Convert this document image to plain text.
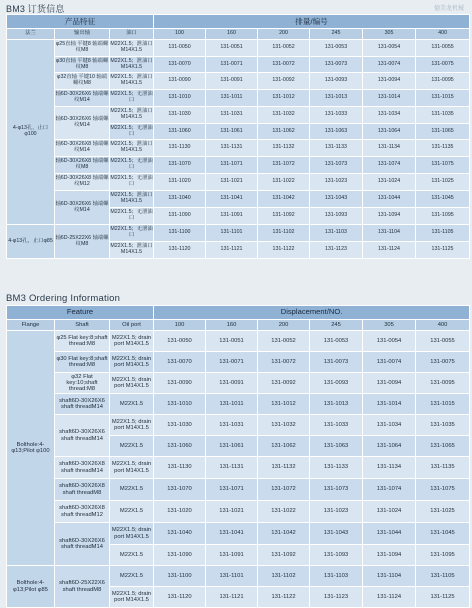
BM3 订货信息	德美龙机械
产品特征			排量/编号					
法兰	输出轴	油口	100	160	200	245	305	400
4-φ13孔，止口φ100	φ25直轴 平键8 轴端螺纹M8	M22X1.5；泄油口M14X1.5	131-0050	131-0051	131-0052	131-0053	131-0054	131-0055
	φ30直轴 平键8 轴端螺纹M8	M22X1.5；泄油口M14X1.5	131-0070	131-0071	131-0072	131-0073	131-0074	131-0075
	φ32直轴 平键10 轴端螺纹M8	M22X1.5；泄油口M14X1.5	131-0090	131-0091	131-0092	131-0093	131-0094	131-0095
	轴6D-30X26X6 轴端螺纹M14	M22X1.5；无泄油口	131-1010	131-1011	131-1012	131-1013	131-1014	131-1015
	轴6D-30X26X6 轴端螺纹M14	M22X1.5；泄油口M14X1.5	131-1030	131-1031	131-1032	131-1033	131-1034	131-1035
		M22X1.5；无泄油口	131-1060	131-1061	131-1062	131-1063	131-1064	131-1065
	轴6D-30X26X8 轴端螺纹M14	M22X1.5；泄油口M14X1.5	131-1130	131-1131	131-1132	131-1133	131-1134	131-1135
	轴6D-30X26X8 轴端螺纹M8	M22X1.5；无泄油口	131-1070	131-1071	131-1072	131-1073	131-1074	131-1075
	轴6D-30X26X8 轴端螺纹M12	M22X1.5；无泄油口	131-1020	131-1021	131-1022	131-1023	131-1024	131-1025
	轴6D-30X26X6 轴端螺纹M14	M22X1.5；泄油口M14X1.5	131-1040	131-1041	131-1042	131-1043	131-1044	131-1045
		M22X1.5；无泄油口	131-1090	131-1091	131-1092	131-1093	131-1094	131-1095
4-φ13孔，止口φ85	轴6D-25X22X6 轴端螺纹M8	M22X1.5；无泄油口	131-1100	131-1101	131-1102	131-1103	131-1104	131-1105
		M22X1.5；泄油口M14X1.5	131-1120	131-1121	131-1122	131-1123	131-1124	131-1125
BM3 Ordering Information
Feature			Displacement/NO.					
Flange	Shaft	Oil port	100	160	200	245	305	400
Bolthole:4-φ13;Pilot φ100	φ25 Flat key:8;shaft thread:M8	M22X1.5; drain port M14X1.5	131-0050	131-0051	131-0052	131-0053	131-0054	131-0055
	φ30 Flat key:8;shaft thread:M8	M22X1.5; drain port M14X1.5	131-0070	131-0071	131-0072	131-0073	131-0074	131-0075
	φ32 Flat key:10;shaft thread:M8	M22X1.5; drain port M14X1.5	131-0090	131-0091	131-0092	131-0093	131-0094	131-0095
	shaft6D-30X26X6 shaft threadM14	M22X1.5	131-1010	131-1011	131-1012	131-1013	131-1014	131-1015
	shaft6D-30X26X6 shaft threadM14	M22X1.5; drain port M14X1.5	131-1030	131-1031	131-1032	131-1033	131-1034	131-1035
		M22X1.5	131-1060	131-1061	131-1062	131-1063	131-1064	131-1065
	shaft6D-30X26X8 shaft threadM14	M22X1.5; drain port M14X1.5	131-1130	131-1131	131-1132	131-1133	131-1134	131-1135
	shaft6D-30X26X8 shaft threadM8	M22X1.5	131-1070	131-1071	131-1072	131-1073	131-1074	131-1075
	shaft6D-30X26X8 shaft threadM12	M22X1.5	131-1020	131-1021	131-1022	131-1023	131-1024	131-1025
	shaft6D-30X26X6 shaft threadM14	M22X1.5; drain port M14X1.5	131-1040	131-1041	131-1042	131-1043	131-1044	131-1045
		M22X1.5	131-1090	131-1091	131-1092	131-1093	131-1094	131-1095
Bolthole:4-φ13;Pilot φ85	shaft6D-25X22X6 shaft threadM8	M22X1.5	131-1100	131-1101	131-1102	131-1103	131-1104	131-1105
		M22X1.5; drain port M14X1.5	131-1120	131-1121	131-1122	131-1123	131-1124	131-1125
